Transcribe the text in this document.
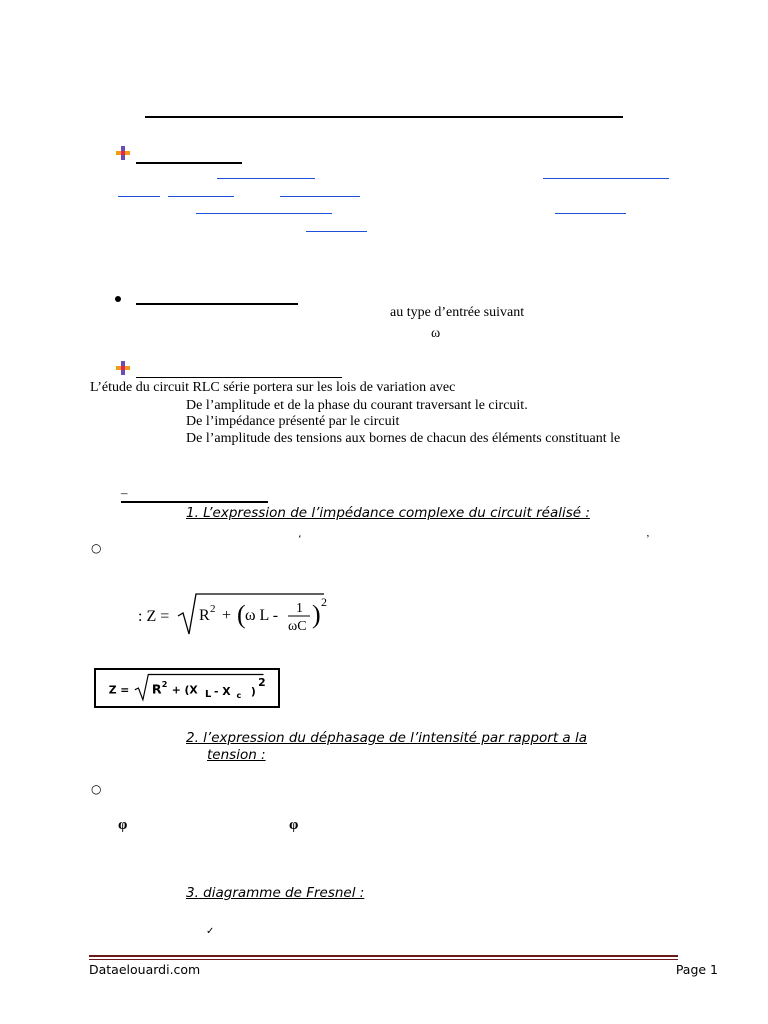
au type d’entrée suivant
ω
L’étude du circuit RLC série portera sur les lois de variation avec
De l’amplitude et de la phase du courant traversant le circuit.
De l’impédance présenté par le circuit
De l’amplitude des tensions aux bornes de chacun des éléments constituant le
–
1. L’expression de l’impédance complexe du circuit réalisé :
○
‘	’
: Z = R 2 + ( ω L - 1
ωC ) 2
Z = R 2 + (X L - X c )
2
2. l’expression du déphasage de l’intensité par rapport a la
tension :
○
φ	φ
3. diagramme de Fresnel :
✓
Dataelouardi.com	Page 1
